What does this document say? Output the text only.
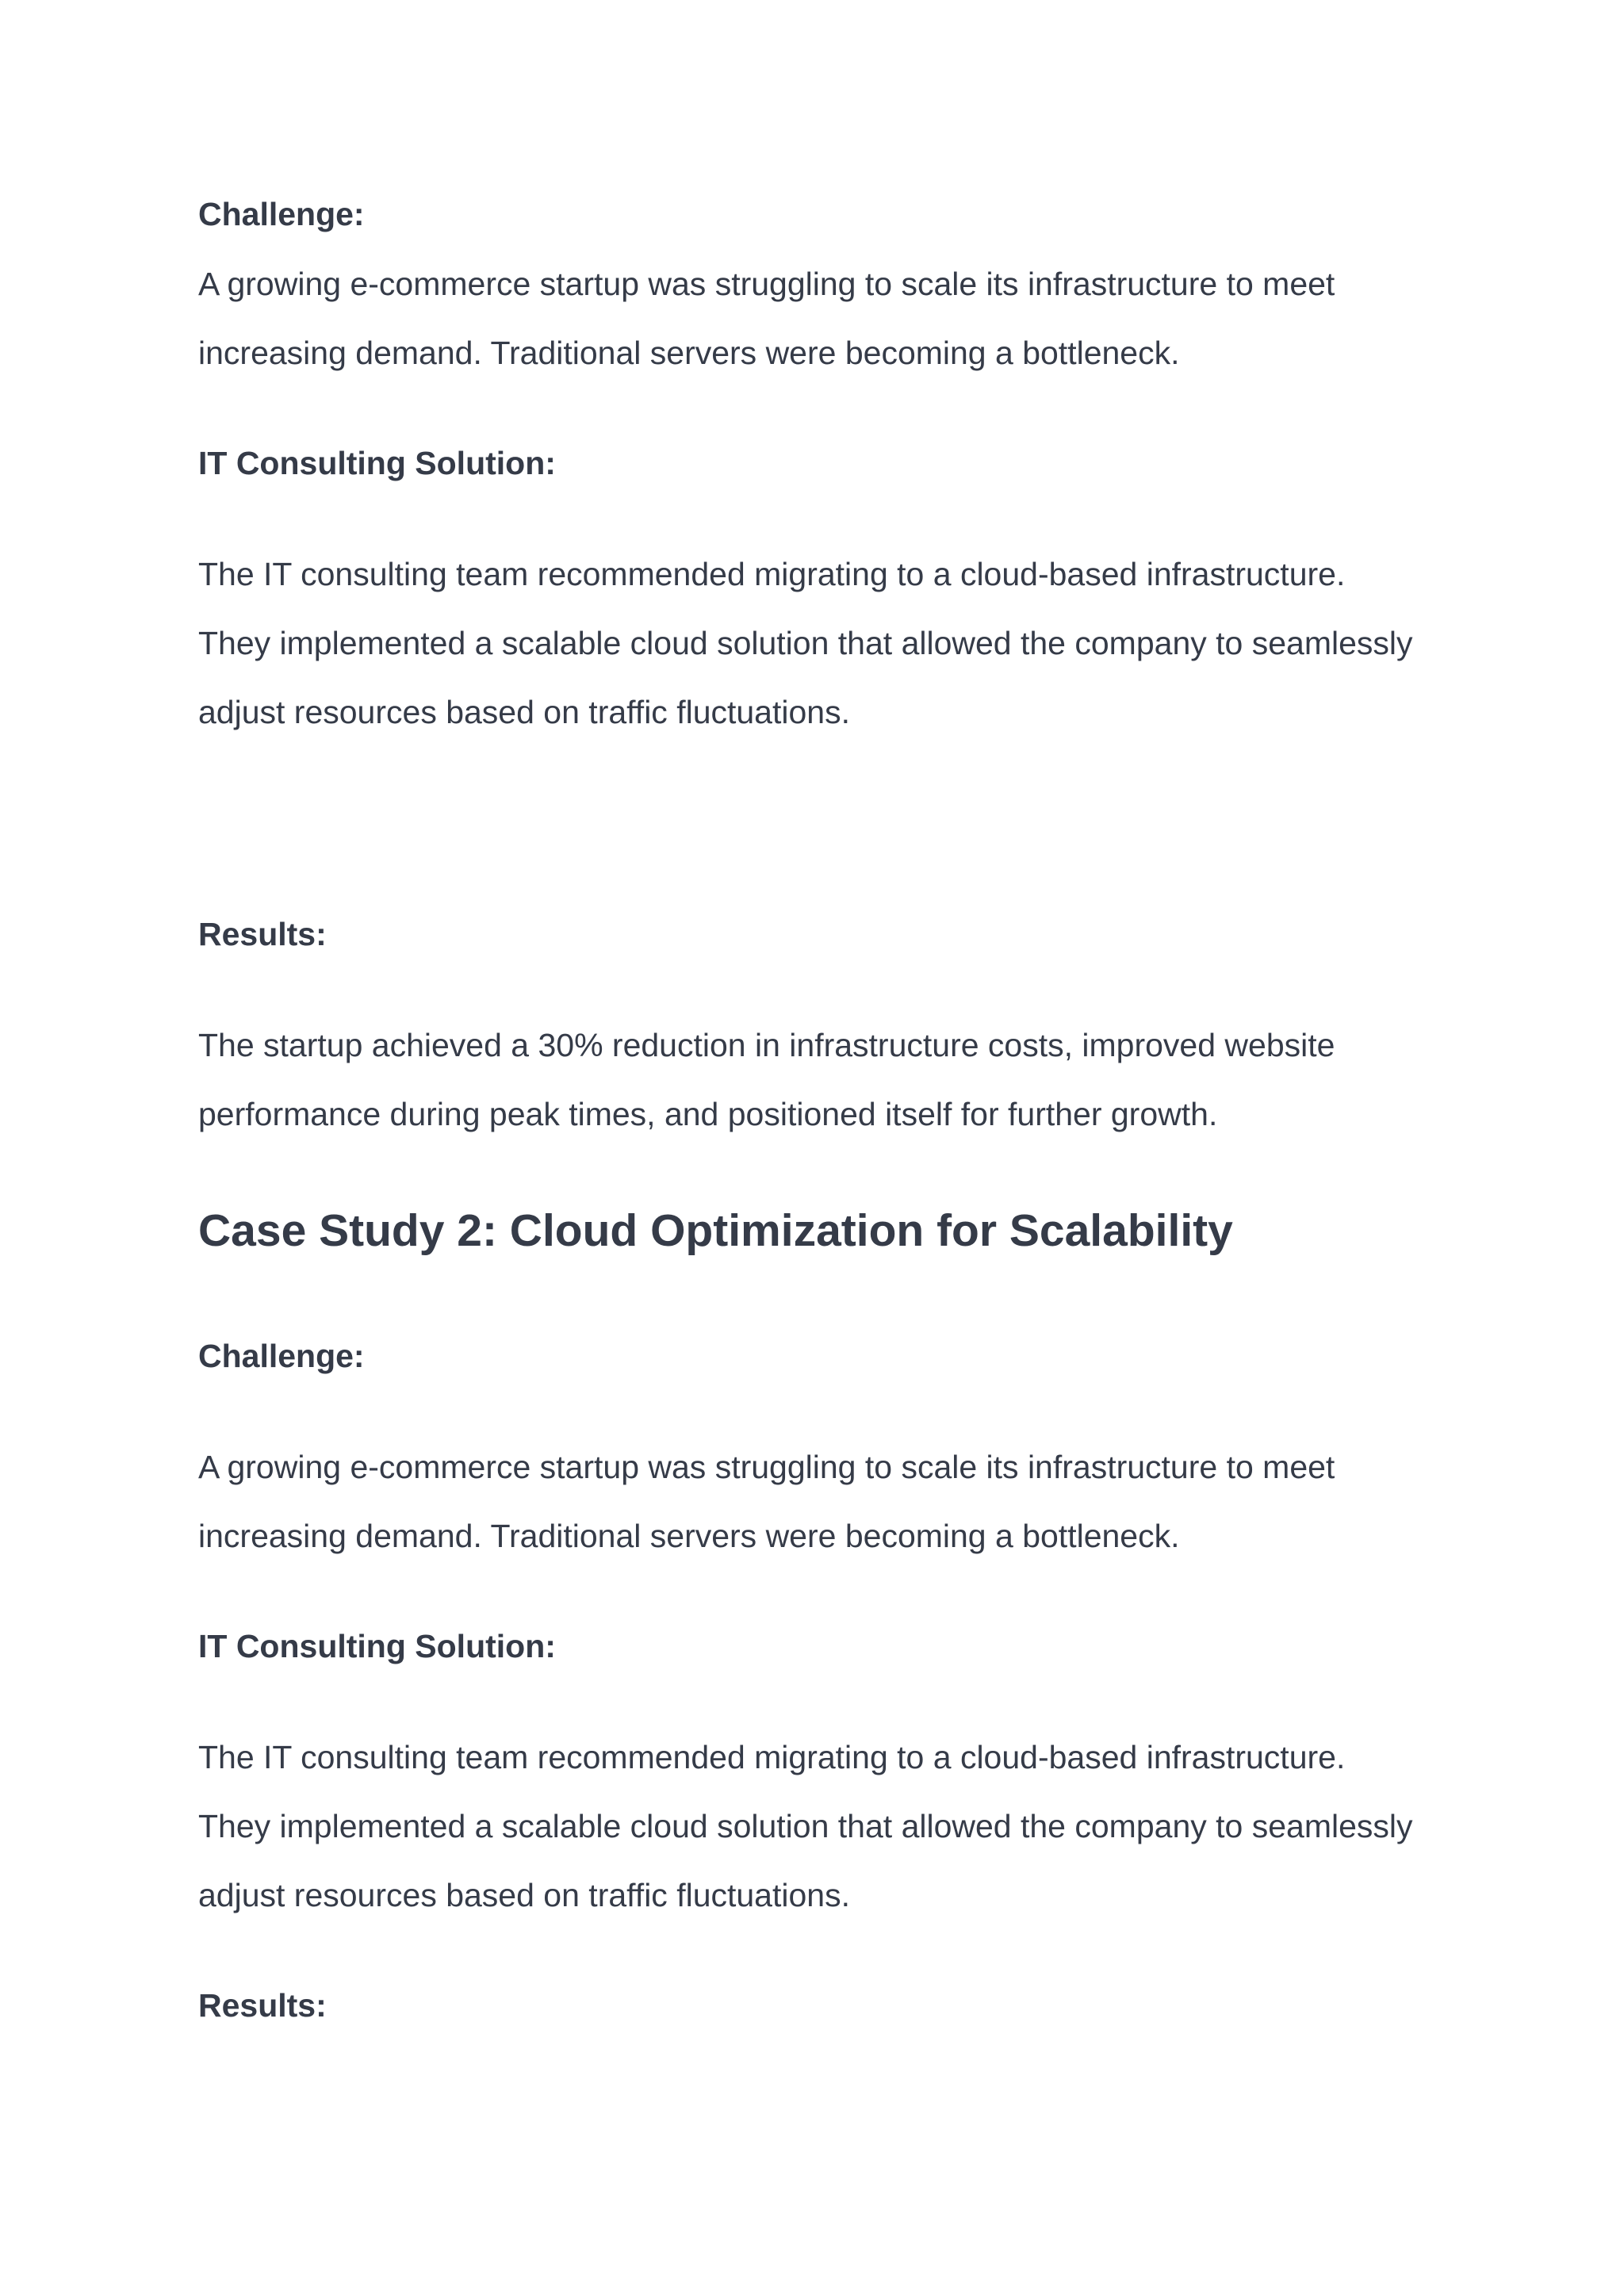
Challenge:

A growing e-commerce startup was struggling to scale its infrastructure to meet

increasing demand. Traditional servers were becoming a bottleneck.

IT Consulting Solution:

The IT consulting team recommended migrating to a cloud-based infrastructure.

They implemented a scalable cloud solution that allowed the company to seamlessly

adjust resources based on traffic fluctuations.

Results:

The startup achieved a 30% reduction in infrastructure costs, improved website

performance during peak times, and positioned itself for further growth.

Case Study 2: Cloud Optimization for Scalability

Challenge:

A growing e-commerce startup was struggling to scale its infrastructure to meet

increasing demand. Traditional servers were becoming a bottleneck.

IT Consulting Solution:

The IT consulting team recommended migrating to a cloud-based infrastructure.

They implemented a scalable cloud solution that allowed the company to seamlessly

adjust resources based on traffic fluctuations.

Results:
